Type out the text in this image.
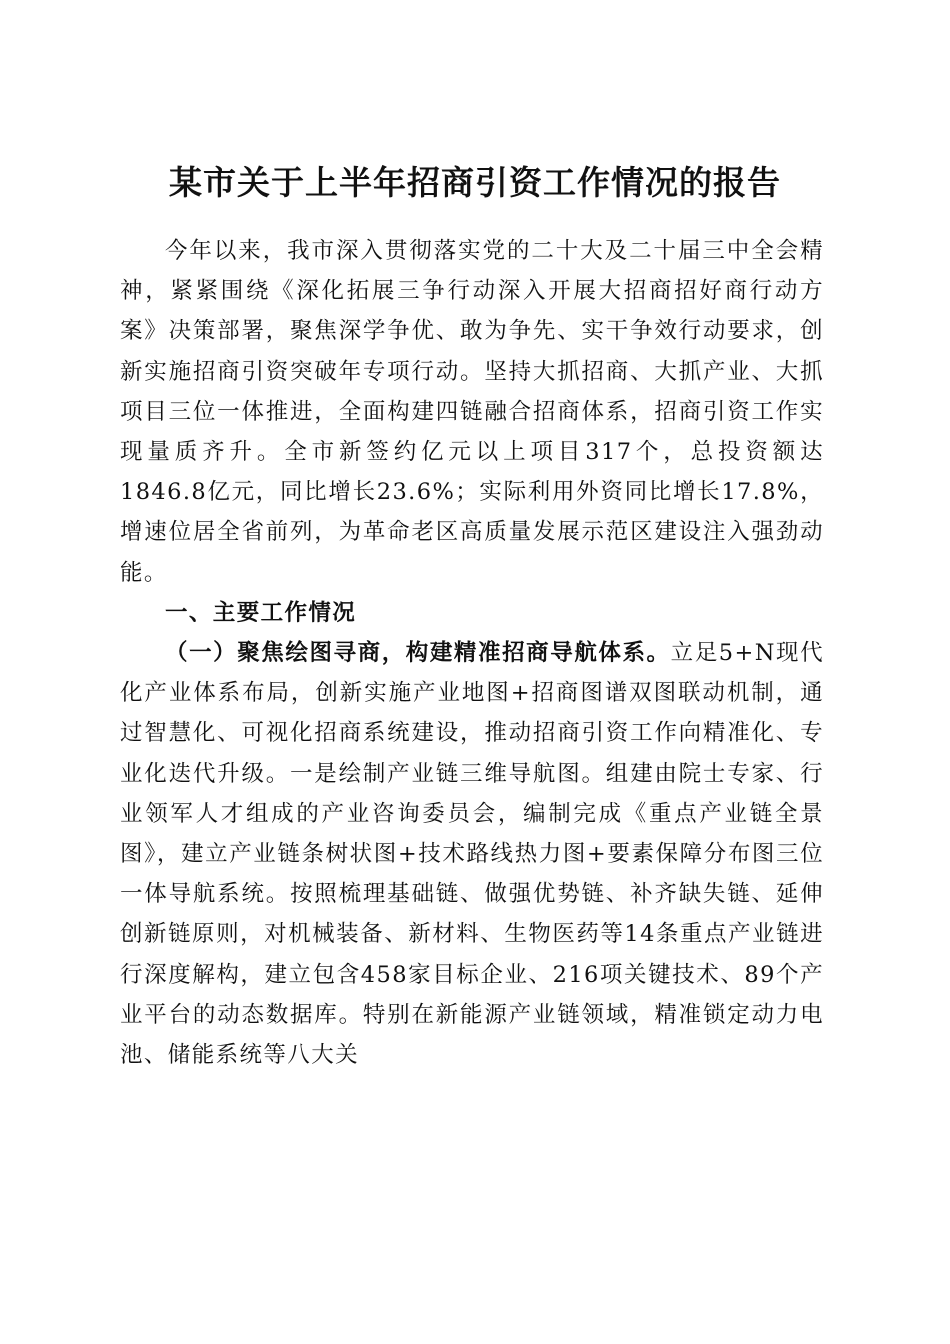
某市关于上半年招商引资工作情况的报告

今年以来，我市深入贯彻落实党的二十大及二十届三中全会精神，紧紧围绕《深化拓展三争行动深入开展大招商招好商行动方案》决策部署，聚焦深学争优、敢为争先、实干争效行动要求，创新实施招商引资突破年专项行动。坚持大抓招商、大抓产业、大抓项目三位一体推进，全面构建四链融合招商体系，招商引资工作实现量质齐升。全市新签约亿元以上项目317个，总投资额达1846.8亿元，同比增长23.6%；实际利用外资同比增长17.8%，增速位居全省前列，为革命老区高质量发展示范区建设注入强劲动能。

一、主要工作情况

（一）聚焦绘图寻商，构建精准招商导航体系。立足5+N现代化产业体系布局，创新实施产业地图+招商图谱双图联动机制，通过智慧化、可视化招商系统建设，推动招商引资工作向精准化、专业化迭代升级。一是绘制产业链三维导航图。组建由院士专家、行业领军人才组成的产业咨询委员会，编制完成《重点产业链全景图》，建立产业链条树状图+技术路线热力图+要素保障分布图三位一体导航系统。按照梳理基础链、做强优势链、补齐缺失链、延伸创新链原则，对机械装备、新材料、生物医药等14条重点产业链进行深度解构，建立包含458家目标企业、216项关键技术、89个产业平台的动态数据库。特别在新能源产业链领域，精准锁定动力电池、储能系统等八大关
